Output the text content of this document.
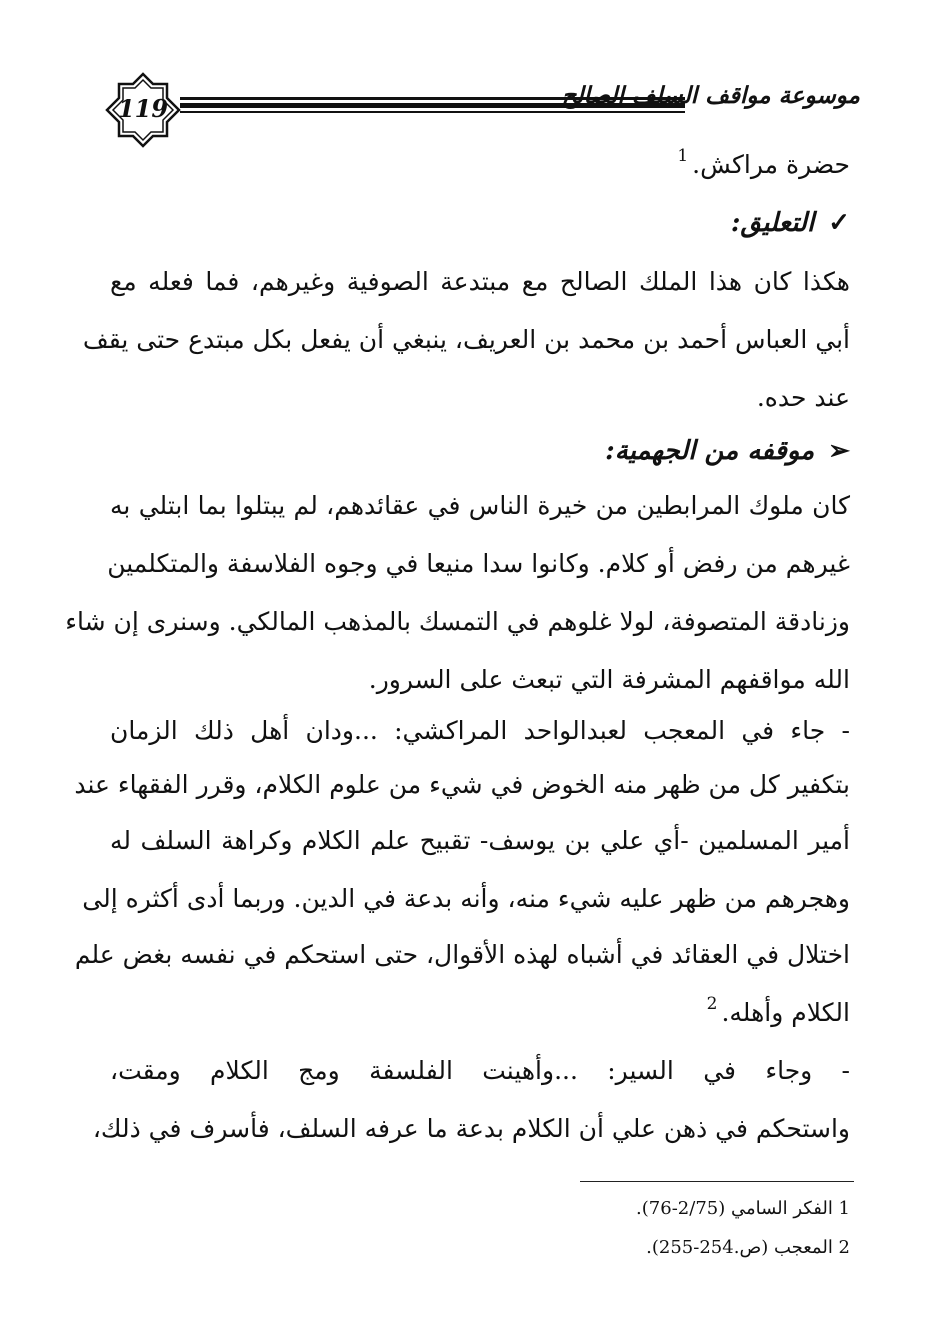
119	موسوعة مواقف السلف الصالح
حضرة مراكش.$^1$
✓التعليق:
هكذا كان هذا الملك الصالح مع مبتدعة الصوفية وغيرهم، فما فعله مع
أبي العباس أحمد بن محمد بن العريف، ينبغي أن يفعل بكل مبتدع حتى يقف
عند حده.
➢موقفه من الجهمية:
كان ملوك المرابطين من خيرة الناس في عقائدهم، لم يبتلوا بما ابتلي به
غيرهم من رفض أو كلام. وكانوا سدا منيعا في وجوه الفلاسفة والمتكلمين
وزنادقة المتصوفة، لولا غلوهم في التمسك بالمذهب المالكي. وسنرى إن شاء
الله مواقفهم المشرفة التي تبعث على السرور.
- جاء في المعجب لعبدالواحد المراكشي: ...ودان أهل ذلك الزمان
بتكفير كل من ظهر منه الخوض في شيء من علوم الكلام، وقرر الفقهاء عند
أمير المسلمين -أي علي بن يوسف- تقبيح علم الكلام وكراهة السلف له
وهجرهم من ظهر عليه شيء منه، وأنه بدعة في الدين. وربما أدى أكثره إلى
اختلال في العقائد في أشباه لهذه الأقوال، حتى استحكم في نفسه بغض علم
الكلام وأهله.$^2$
- وجاء في السير: ...وأهينت الفلسفة ومج الكلام ومقت،
واستحكم في ذهن علي أن الكلام بدعة ما عرفه السلف، فأسرف في ذلك،
1 الفكر السامي (2/75-76).
2 المعجب (ص.254-255).
